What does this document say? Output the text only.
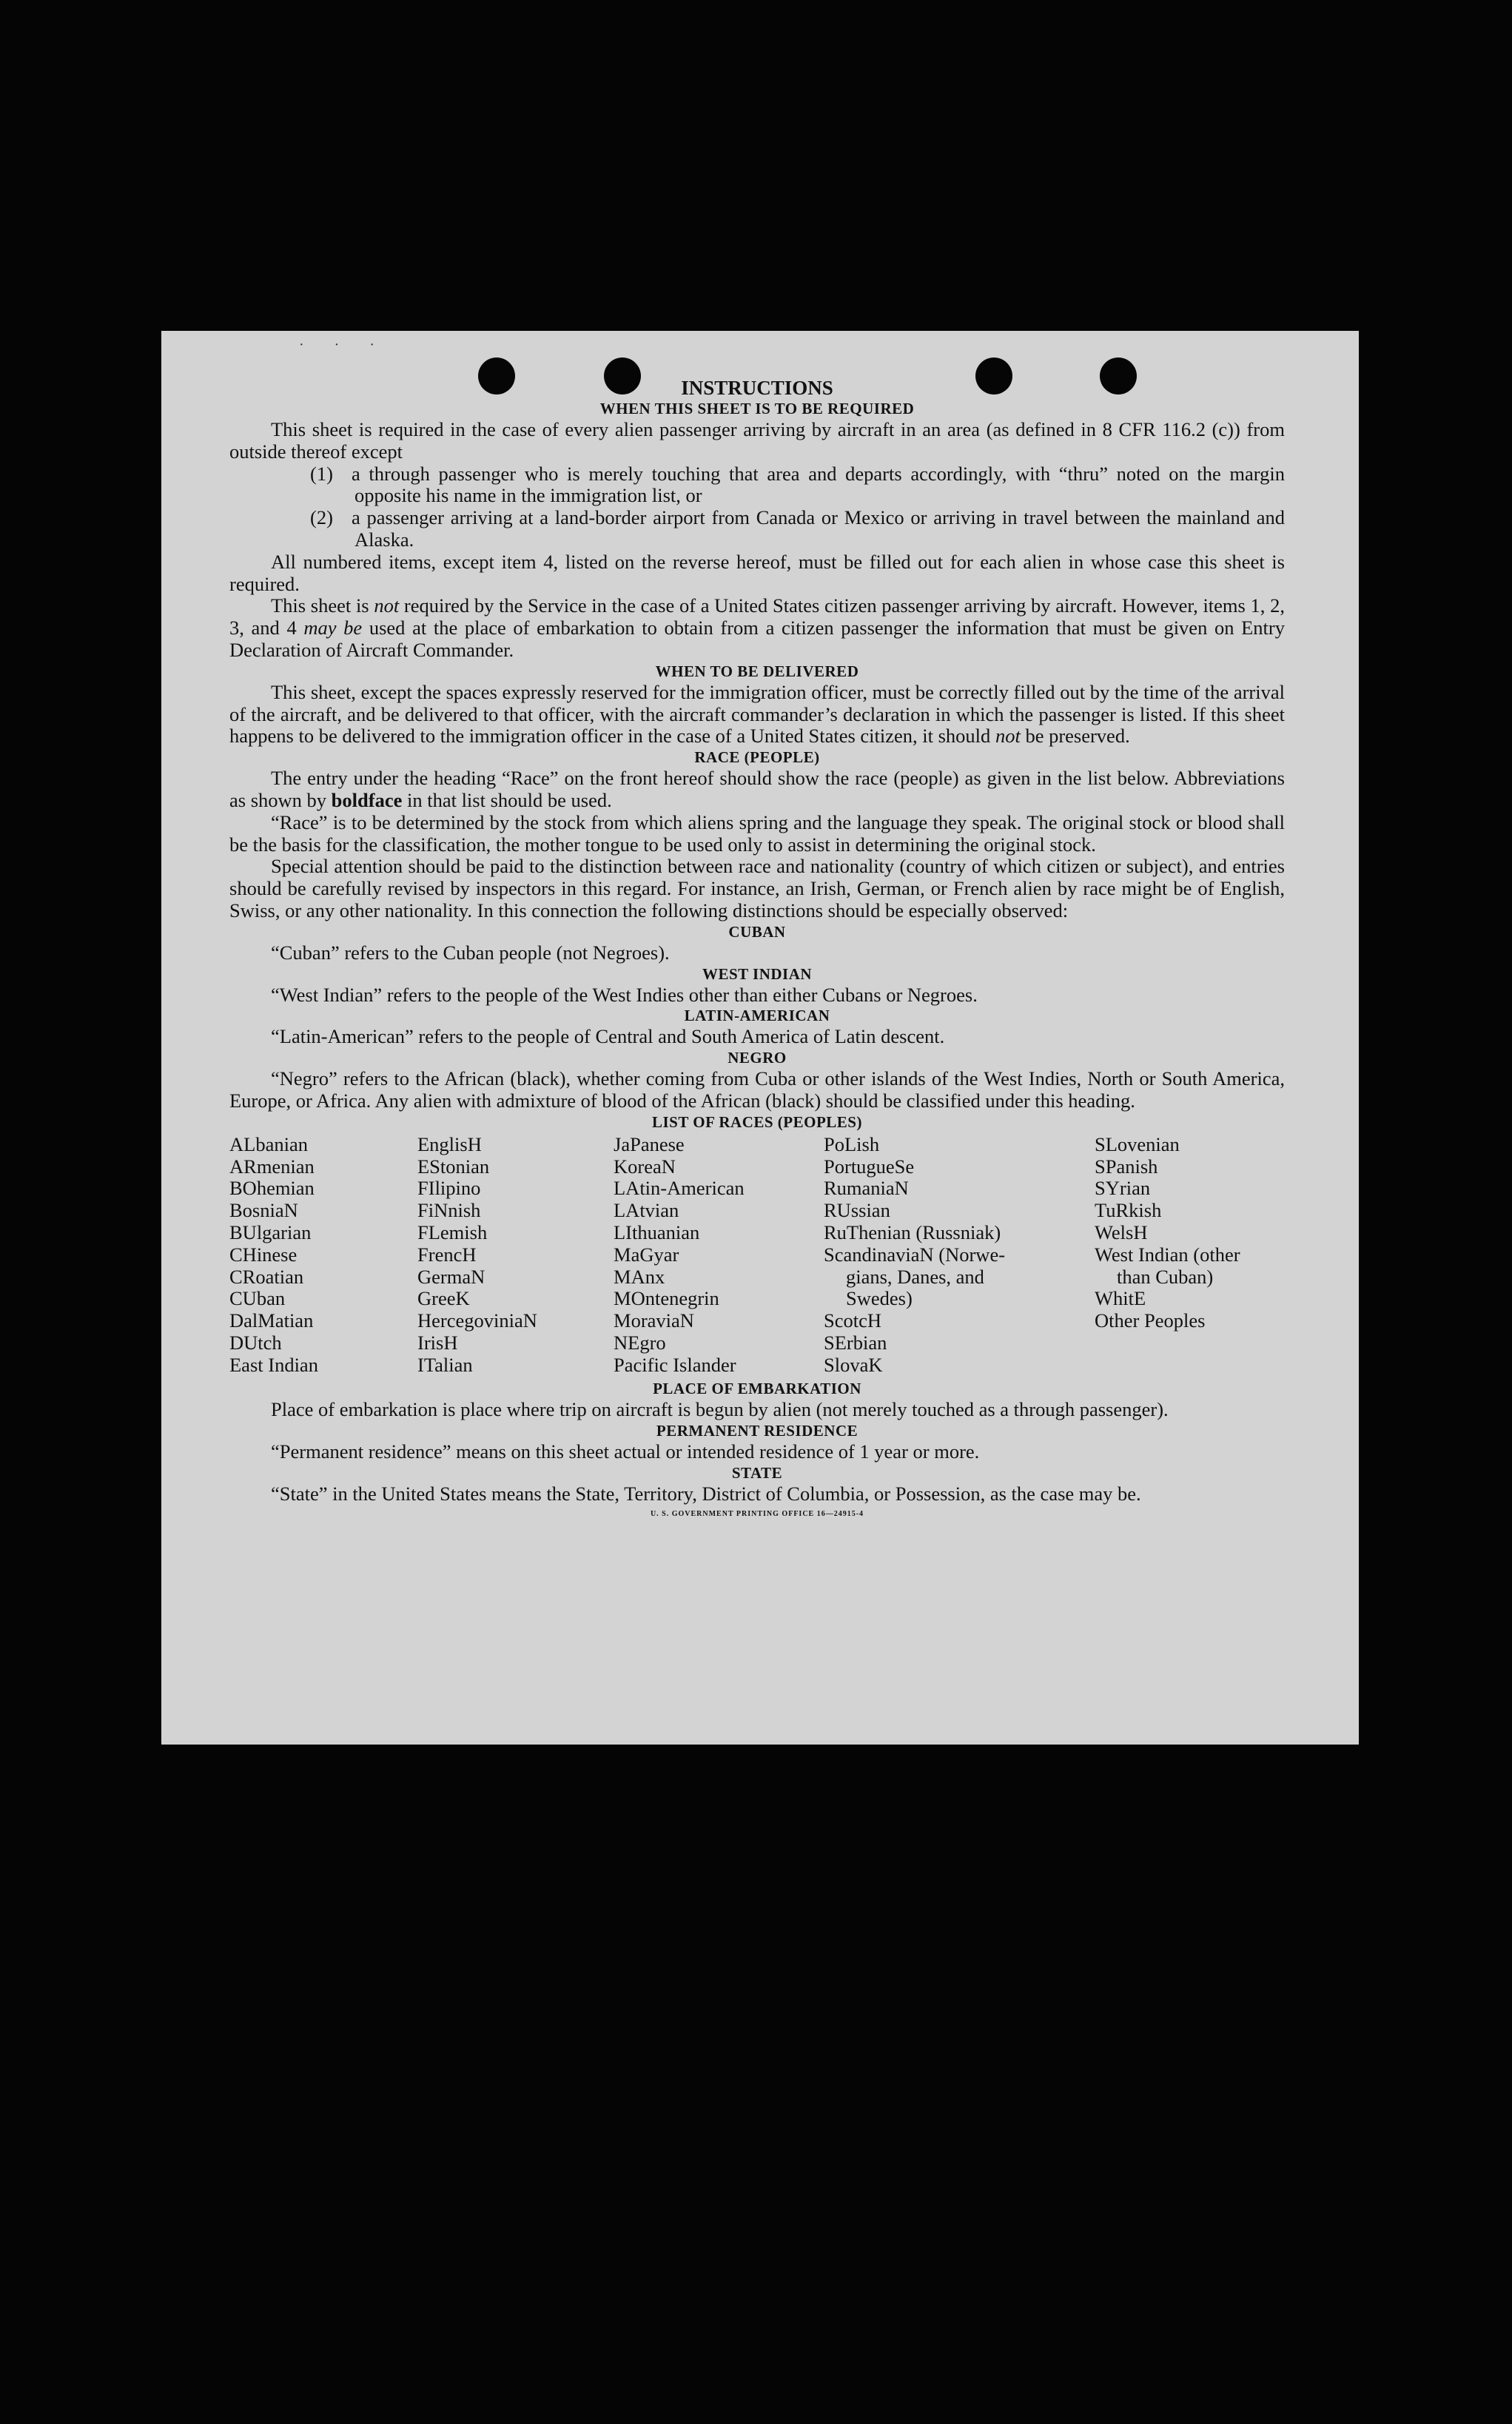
· · ·
INSTRUCTIONS
WHEN THIS SHEET IS TO BE REQUIRED

This sheet is required in the case of every alien passenger arriving by aircraft in an area (as defined in 8 CFR 116.2 (c)) from outside thereof except

(1) a through passenger who is merely touching that area and departs accordingly, with “thru” noted on the margin opposite his name in the immigration list, or

(2) a passenger arriving at a land-border airport from Canada or Mexico or arriving in travel between the mainland and Alaska.

All numbered items, except item 4, listed on the reverse hereof, must be filled out for each alien in whose case this sheet is required.

This sheet is not required by the Service in the case of a United States citizen passenger arriving by aircraft. However, items 1, 2, 3, and 4 may be used at the place of embarkation to obtain from a citizen passenger the information that must be given on Entry Declaration of Aircraft Commander.

WHEN TO BE DELIVERED

This sheet, except the spaces expressly reserved for the immigration officer, must be correctly filled out by the time of the arrival of the aircraft, and be delivered to that officer, with the aircraft commander’s declaration in which the passenger is listed. If this sheet happens to be delivered to the immigration officer in the case of a United States citizen, it should not be preserved.

RACE (PEOPLE)

The entry under the heading “Race” on the front hereof should show the race (people) as given in the list below. Abbreviations as shown by boldface in that list should be used.

“Race” is to be determined by the stock from which aliens spring and the language they speak. The original stock or blood shall be the basis for the classification, the mother tongue to be used only to assist in determining the original stock.

Special attention should be paid to the distinction between race and nationality (country of which citizen or subject), and entries should be carefully revised by inspectors in this regard. For instance, an Irish, German, or French alien by race might be of English, Swiss, or any other nationality. In this connection the following distinctions should be especially observed:

CUBAN

“Cuban” refers to the Cuban people (not Negroes).

WEST INDIAN

“West Indian” refers to the people of the West Indies other than either Cubans or Negroes.

LATIN-AMERICAN

“Latin-American” refers to the people of Central and South America of Latin descent.

NEGRO

“Negro” refers to the African (black), whether coming from Cuba or other islands of the West Indies, North or South America, Europe, or Africa. Any alien with admixture of blood of the African (black) should be classified under this heading.

LIST OF RACES (PEOPLES)
ALbanian
ARmenian
BOhemian
BosniaN
BUlgarian
CHinese
CRoatian
CUban
DalMatian
DUtch
East Indian
EnglisH
EStonian
FIlipino
FiNnish
FLemish
FrencH
GermaN
GreeK
HercegoviniaN
IrisH
ITalian
JaPanese
KoreaN
LAtin-American
LAtvian
LIthuanian
MaGyar
MAnx
MOntenegrin
MoraviaN
NEgro
Pacific Islander
PoLish
PortugueSe
RumaniaN
RUssian
RuThenian (Russniak)
ScandinaviaN (Norwe-
gians, Danes, and
Swedes)
ScotcH
SErbian
SlovaK
SLovenian
SPanish
SYrian
TuRkish
WelsH
West Indian (other
than Cuban)
WhitE
Other Peoples
PLACE OF EMBARKATION

Place of embarkation is place where trip on aircraft is begun by alien (not merely touched as a through passenger).

PERMANENT RESIDENCE

“Permanent residence” means on this sheet actual or intended residence of 1 year or more.

STATE

“State” in the United States means the State, Territory, District of Columbia, or Possession, as the case may be.

U. S. GOVERNMENT PRINTING OFFICE 16—24915-4
